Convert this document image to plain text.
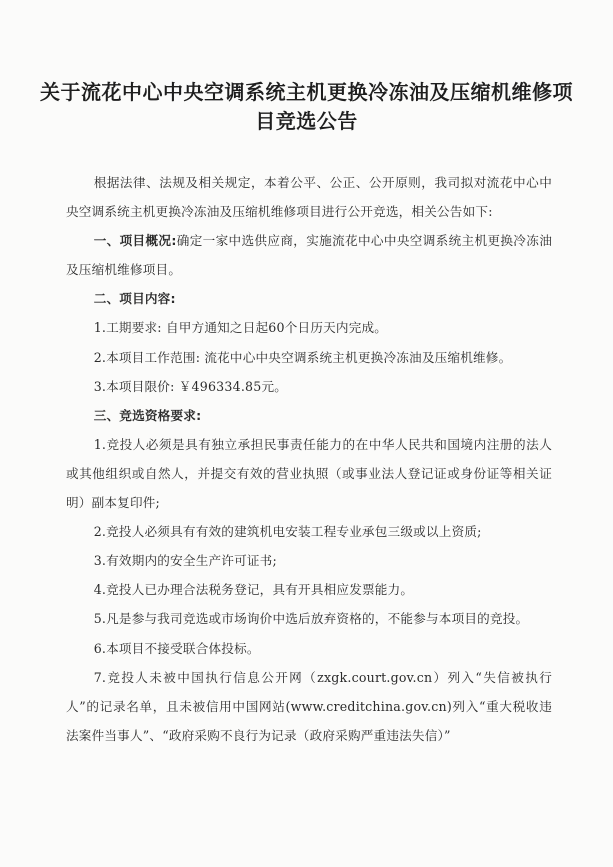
关于流花中心中央空调系统主机更换冷冻油及压缩机维修项目竞选公告

根据法律、法规及相关规定，本着公平、公正、公开原则，我司拟对流花中心中央空调系统主机更换冷冻油及压缩机维修项目进行公开竞选，相关公告如下:

一、项目概况:确定一家中选供应商，实施流花中心中央空调系统主机更换冷冻油及压缩机维修项目。

二、项目内容:

1.工期要求: 自甲方通知之日起60个日历天内完成。

2.本项目工作范围: 流花中心中央空调系统主机更换冷冻油及压缩机维修。

3.本项目限价: ￥496334.85元。

三、竞选资格要求:

1.竞投人必须是具有独立承担民事责任能力的在中华人民共和国境内注册的法人或其他组织或自然人，并提交有效的营业执照（或事业法人登记证或身份证等相关证明）副本复印件;

2.竞投人必须具有有效的建筑机电安装工程专业承包三级或以上资质;

3.有效期内的安全生产许可证书;

4.竞投人已办理合法税务登记，具有开具相应发票能力。

5.凡是参与我司竞选或市场询价中选后放弃资格的，不能参与本项目的竞投。

6.本项目不接受联合体投标。

7.竞投人未被中国执行信息公开网（zxgk.court.gov.cn）列入“失信被执行人”的记录名单，且未被信用中国网站(www.creditchina.gov.cn)列入“重大税收违法案件当事人”、“政府采购不良行为记录（政府采购严重违法失信）”
